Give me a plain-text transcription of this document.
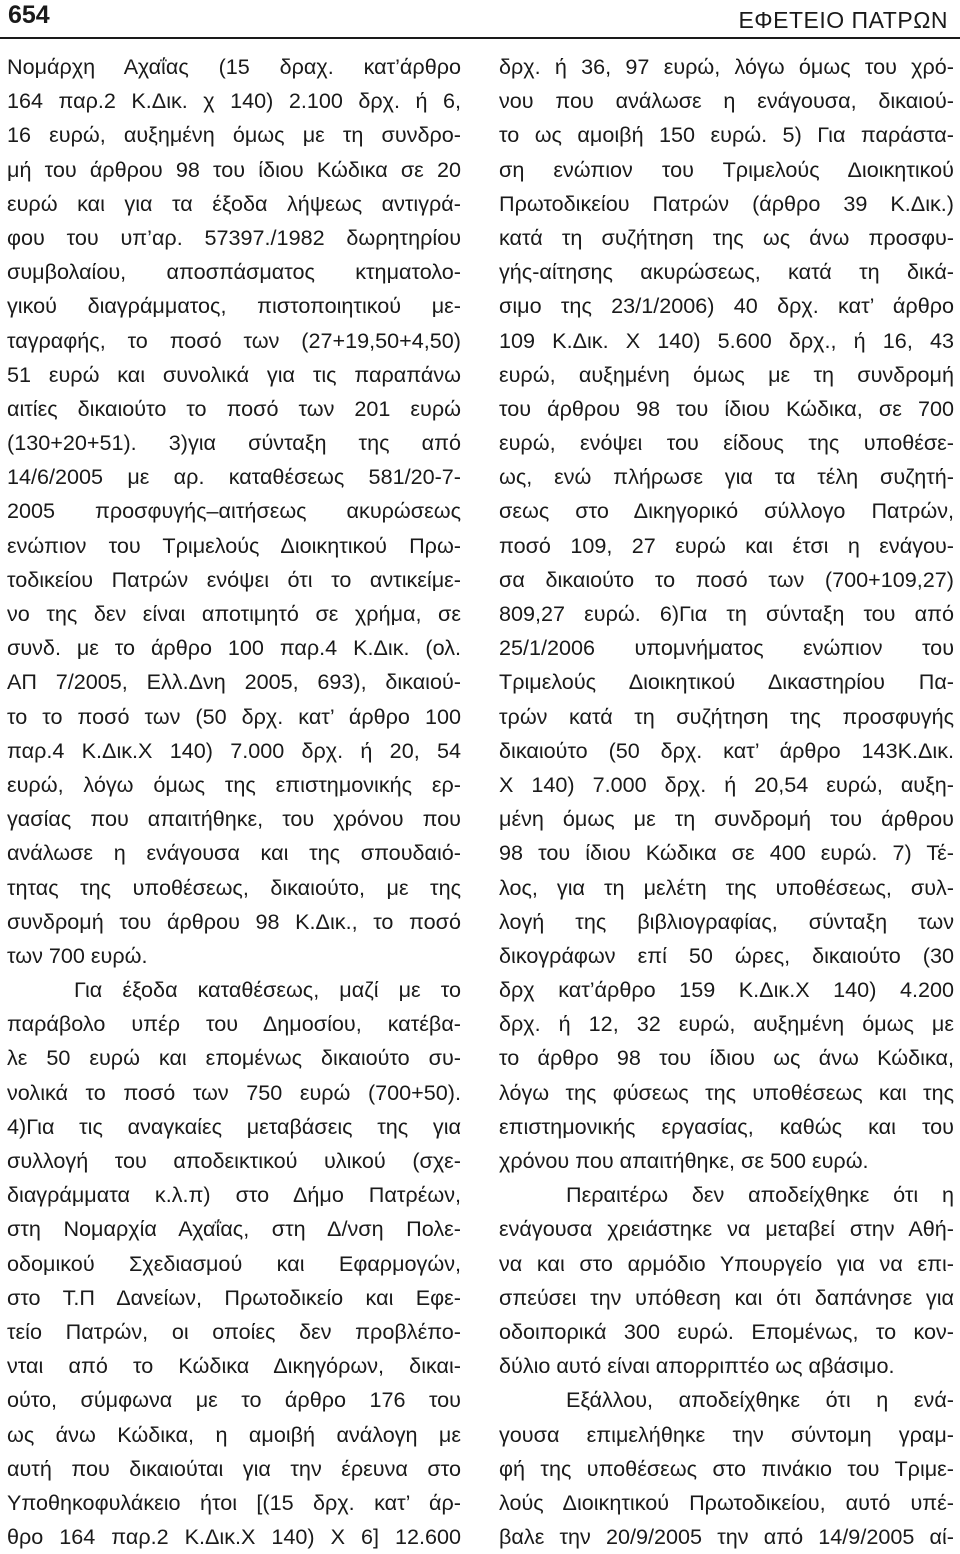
654	ΕΦΕΤΕΙΟ ΠΑΤΡΩΝ
Νομάρχη Αχαΐας (15 δραχ. κατ’άρθρο
164 παρ.2 Κ.Δικ. χ 140) 2.100 δρχ. ή 6,
16 ευρώ, αυξημένη όμως με τη συνδρο-
μή του άρθρου 98 του ίδιου Κώδικα σε 20
ευρώ και για τα έξοδα λήψεως αντιγρά-
φου του υπ’αρ. 57397./1982 δωρητηρίου
συμβολαίου, αποσπάσματος κτηματολο-
γικού διαγράμματος, πιστοποιητικού με-
ταγραφής, το ποσό των (27+19,50+4,50)
51 ευρώ και συνολικά για τις παραπάνω
αιτίες δικαιούτο το ποσό των 201 ευρώ
(130+20+51). 3)για σύνταξη της από
14/6/2005 με αρ. καταθέσεως 581/20-7-
2005 προσφυγής–αιτήσεως ακυρώσεως
ενώπιον του Τριμελούς Διοικητικού Πρω-
τοδικείου Πατρών ενόψει ότι το αντικείμε-
νο της δεν είναι αποτιμητό σε χρήμα, σε
συνδ. με το άρθρο 100 παρ.4 Κ.Δικ. (ολ.
ΑΠ 7/2005, Ελλ.Δνη 2005, 693), δικαιού-
το το ποσό των (50 δρχ. κατ’ άρθρο 100
παρ.4 Κ.Δικ.Χ 140) 7.000 δρχ. ή 20, 54
ευρώ, λόγω όμως της επιστημονικής ερ-
γασίας που απαιτήθηκε, του χρόνου που
ανάλωσε η ενάγουσα και της σπουδαιό-
τητας της υποθέσεως, δικαιούτο, με της
συνδρομή του άρθρου 98 Κ.Δικ., το ποσό
των 700 ευρώ.
Για έξοδα καταθέσεως, μαζί με το
παράβολο υπέρ του Δημοσίου, κατέβα-
λε 50 ευρώ και επομένως δικαιούτο συ-
νολικά το ποσό των 750 ευρώ (700+50).
4)Για τις αναγκαίες μεταβάσεις της για
συλλογή του αποδεικτικού υλικού (σχε-
διαγράμματα κ.λ.π) στο Δήμο Πατρέων,
στη Νομαρχία Αχαΐας, στη Δ/νση Πολε-
οδομικού Σχεδιασμού και Εφαρμογών,
στο Τ.Π Δανείων, Πρωτοδικείο και Εφε-
τείο Πατρών, οι οποίες δεν προβλέπο-
νται από το Κώδικα Δικηγόρων, δικαι-
ούτο, σύμφωνα με το άρθρο 176 του
ως άνω Κώδικα, η αμοιβή ανάλογη με
αυτή που δικαιούται για την έρευνα στο
Υποθηκοφυλάκειο ήτοι [(15 δρχ. κατ’ άρ-
θρο 164 παρ.2 Κ.Δικ.Χ 140) Χ 6] 12.600
δρχ. ή 36, 97 ευρώ, λόγω όμως του χρό-
νου που ανάλωσε η ενάγουσα, δικαιού-
το ως αμοιβή 150 ευρώ. 5) Για παράστα-
ση ενώπιον του Τριμελούς Διοικητικού
Πρωτοδικείου Πατρών (άρθρο 39 Κ.Δικ.)
κατά τη συζήτηση της ως άνω προσφυ-
γής-αίτησης ακυρώσεως, κατά τη δικά-
σιμο της 23/1/2006) 40 δρχ. κατ’ άρθρο
109 Κ.Δικ. Χ 140) 5.600 δρχ., ή 16, 43
ευρώ, αυξημένη όμως με τη συνδρομή
του άρθρου 98 του ίδιου Κώδικα, σε 700
ευρώ, ενόψει του είδους της υποθέσε-
ως, ενώ πλήρωσε για τα τέλη συζητή-
σεως στο Δικηγορικό σύλλογο Πατρών,
ποσό 109, 27 ευρώ και έτσι η ενάγου-
σα δικαιούτο το ποσό των (700+109,27)
809,27 ευρώ. 6)Για τη σύνταξη του από
25/1/2006 υπομνήματος ενώπιον του
Τριμελούς Διοικητικού Δικαστηρίου Πα-
τρών κατά τη συζήτηση της προσφυγής
δικαιούτο (50 δρχ. κατ’ άρθρο 143Κ.Δικ.
Χ 140) 7.000 δρχ. ή 20,54 ευρώ, αυξη-
μένη όμως με τη συνδρομή του άρθρου
98 του ίδιου Κώδικα σε 400 ευρώ. 7) Τέ-
λος, για τη μελέτη της υποθέσεως, συλ-
λογή της βιβλιογραφίας, σύνταξη των
δικογράφων επί 50 ώρες, δικαιούτο (30
δρχ κατ’άρθρο 159 Κ.Δικ.Χ 140) 4.200
δρχ. ή 12, 32 ευρώ, αυξημένη όμως με
το άρθρο 98 του ίδιου ως άνω Κώδικα,
λόγω της φύσεως της υποθέσεως και της
επιστημονικής εργασίας, καθώς και του
χρόνου που απαιτήθηκε, σε 500 ευρώ.
Περαιτέρω δεν αποδείχθηκε ότι η
ενάγουσα χρειάστηκε να μεταβεί στην Αθή-
να και στο αρμόδιο Υπουργείο για να επι-
σπεύσει την υπόθεση και ότι δαπάνησε για
οδοιπορικά 300 ευρώ. Επομένως, το κον-
δύλιο αυτό είναι απορριπτέο ως αβάσιμο.
Εξάλλου, αποδείχθηκε ότι η ενά-
γουσα επιμελήθηκε την σύντομη γραμ-
φή της υποθέσεως στο πινάκιο του Τριμε-
λούς Διοικητικού Πρωτοδικείου, αυτό υπέ-
βαλε την 20/9/2005 την από 14/9/2005 αί-
